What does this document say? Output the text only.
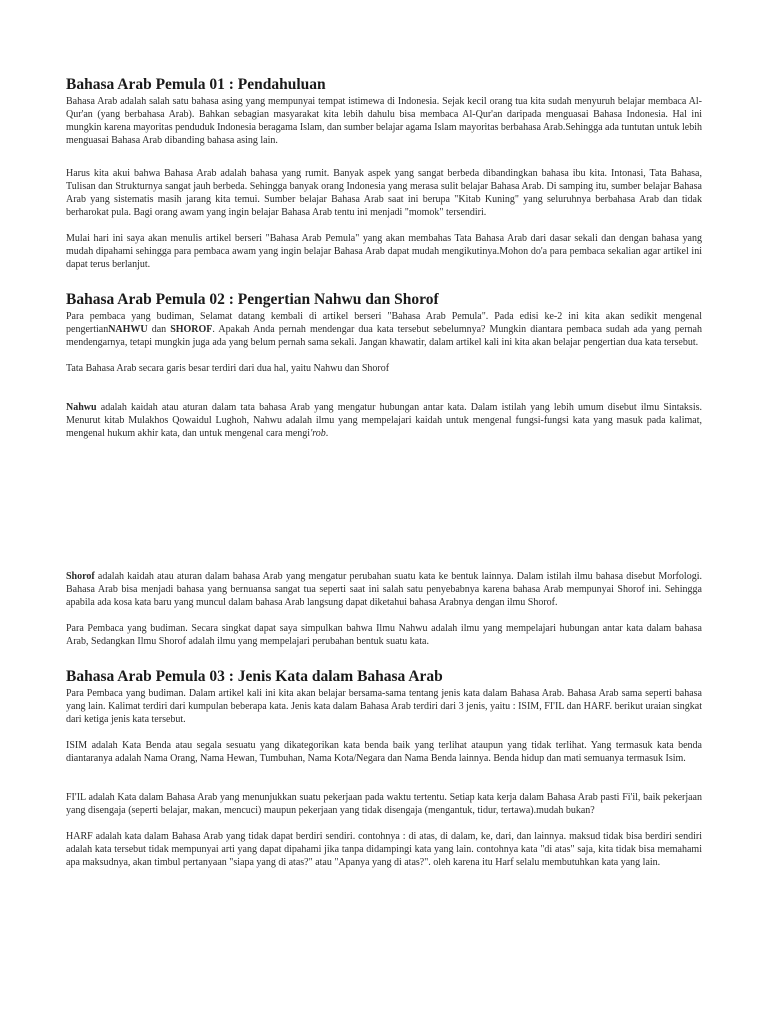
Bahasa Arab Pemula 01 : Pendahuluan

Bahasa Arab adalah salah satu bahasa asing yang mempunyai tempat istimewa di Indonesia. Sejak kecil orang tua kita sudah menyuruh belajar membaca Al-Qur'an (yang berbahasa Arab). Bahkan sebagian masyarakat kita lebih dahulu bisa membaca Al-Qur'an daripada menguasai Bahasa Indonesia. Hal ini mungkin karena mayoritas penduduk Indonesia beragama Islam, dan sumber belajar agama Islam mayoritas berbahasa Arab.Sehingga ada tuntutan untuk lebih menguasai Bahasa Arab dibanding bahasa asing lain.

Harus kita akui bahwa Bahasa Arab adalah bahasa yang rumit. Banyak aspek yang sangat berbeda dibandingkan bahasa ibu kita. Intonasi, Tata Bahasa, Tulisan dan Strukturnya sangat jauh berbeda. Sehingga banyak orang Indonesia yang merasa sulit belajar Bahasa Arab. Di samping itu, sumber belajar Bahasa Arab yang sistematis masih jarang kita temui. Sumber belajar Bahasa Arab saat ini berupa "Kitab Kuning" yang seluruhnya berbahasa Arab dan tidak berharokat pula. Bagi orang awam yang ingin belajar Bahasa Arab tentu ini menjadi "momok" tersendiri.

Mulai hari ini saya akan menulis artikel berseri "Bahasa Arab Pemula" yang akan membahas Tata Bahasa Arab dari dasar sekali dan dengan bahasa yang mudah dipahami sehingga para pembaca awam yang ingin belajar Bahasa Arab dapat mudah mengikutinya.Mohon do'a para pembaca sekalian agar artikel ini dapat terus berlanjut.

Bahasa Arab Pemula 02 : Pengertian Nahwu dan Shorof

Para pembaca yang budiman, Selamat datang kembali di artikel berseri "Bahasa Arab Pemula". Pada edisi ke-2 ini kita akan sedikit mengenal pengertianNAHWU dan SHOROF. Apakah Anda pernah mendengar dua kata tersebut sebelumnya? Mungkin diantara pembaca sudah ada yang pernah mendengarnya, tetapi mungkin juga ada yang belum pernah sama sekali. Jangan khawatir, dalam artikel kali ini kita akan belajar pengertian dua kata tersebut.

Tata Bahasa Arab secara garis besar terdiri dari dua hal, yaitu Nahwu dan Shorof

Nahwu adalah kaidah atau aturan dalam tata bahasa Arab yang mengatur hubungan antar kata. Dalam istilah yang lebih umum disebut ilmu Sintaksis. Menurut kitab Mulakhos Qowaidul Lughoh, Nahwu adalah ilmu yang mempelajari kaidah untuk mengenal fungsi-fungsi kata yang masuk pada kalimat, mengenal hukum akhir kata, dan untuk mengenal cara mengi'rob.

Shorof adalah kaidah atau aturan dalam bahasa Arab yang mengatur perubahan suatu kata ke bentuk lainnya. Dalam istilah ilmu bahasa disebut Morfologi. Bahasa Arab bisa menjadi bahasa yang bernuansa sangat tua seperti saat ini salah satu penyebabnya karena bahasa Arab mempunyai Shorof ini. Sehingga apabila ada kosa kata baru yang muncul dalam bahasa Arab langsung dapat diketahui bahasa Arabnya dengan ilmu Shorof.

Para Pembaca yang budiman. Secara singkat dapat saya simpulkan bahwa Ilmu Nahwu adalah ilmu yang mempelajari hubungan antar kata dalam bahasa Arab, Sedangkan Ilmu Shorof adalah ilmu yang mempelajari perubahan bentuk suatu kata.

Bahasa Arab Pemula 03 : Jenis Kata dalam Bahasa Arab

Para Pembaca yang budiman. Dalam artikel kali ini kita akan belajar bersama-sama tentang jenis kata dalam Bahasa Arab. Bahasa Arab sama seperti bahasa yang lain. Kalimat terdiri dari kumpulan beberapa kata. Jenis kata dalam Bahasa Arab terdiri dari 3 jenis, yaitu : ISIM, FI'IL dan HARF. berikut uraian singkat dari ketiga jenis kata tersebut.

ISIM adalah Kata Benda atau segala sesuatu yang dikategorikan kata benda baik yang terlihat ataupun yang tidak terlihat. Yang termasuk kata benda diantaranya adalah Nama Orang, Nama Hewan, Tumbuhan, Nama Kota/Negara dan Nama Benda lainnya. Benda hidup dan mati semuanya termasuk Isim.

FI'IL adalah Kata dalam Bahasa Arab yang menunjukkan suatu pekerjaan pada waktu tertentu. Setiap kata kerja dalam Bahasa Arab pasti Fi'il, baik pekerjaan yang disengaja (seperti belajar, makan, mencuci) maupun pekerjaan yang tidak disengaja (mengantuk, tidur, tertawa).mudah bukan?

HARF adalah kata dalam Bahasa Arab yang tidak dapat berdiri sendiri. contohnya : di atas, di dalam, ke, dari, dan lainnya. maksud tidak bisa berdiri sendiri adalah kata tersebut tidak mempunyai arti yang dapat dipahami jika tanpa didampingi kata yang lain. contohnya kata "di atas" saja, kita tidak bisa memahami apa maksudnya, akan timbul pertanyaan "siapa yang di atas?" atau "Apanya yang di atas?". oleh karena itu Harf selalu membutuhkan kata yang lain.
